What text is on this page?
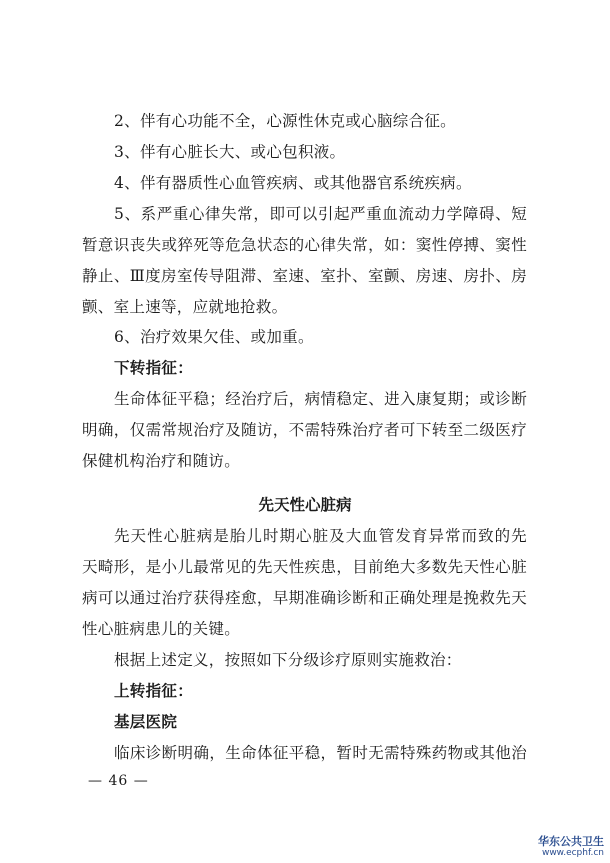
2、伴有心功能不全，心源性休克或心脑综合征。
3、伴有心脏长大、或心包积液。
4、伴有器质性心血管疾病、或其他器官系统疾病。
5、系严重心律失常，即可以引起严重血流动力学障碍、短
暂意识丧失或猝死等危急状态的心律失常，如：窦性停搏、窦性
静止、Ⅲ度房室传导阻滞、室速、室扑、室颤、房速、房扑、房
颤、室上速等，应就地抢救。
6、治疗效果欠佳、或加重。
下转指征：
生命体征平稳；经治疗后，病情稳定、进入康复期；或诊断
明确，仅需常规治疗及随访，不需特殊治疗者可下转至二级医疗
保健机构治疗和随访。
先天性心脏病
先天性心脏病是胎儿时期心脏及大血管发育异常而致的先
天畸形，是小儿最常见的先天性疾患，目前绝大多数先天性心脏
病可以通过治疗获得痊愈，早期准确诊断和正确处理是挽救先天
性心脏病患儿的关键。
根据上述定义，按照如下分级诊疗原则实施救治：
上转指征：
基层医院
临床诊断明确，生命体征平稳，暂时无需特殊药物或其他治
— 46 —
华东公共卫生
www.ecphf.cn
